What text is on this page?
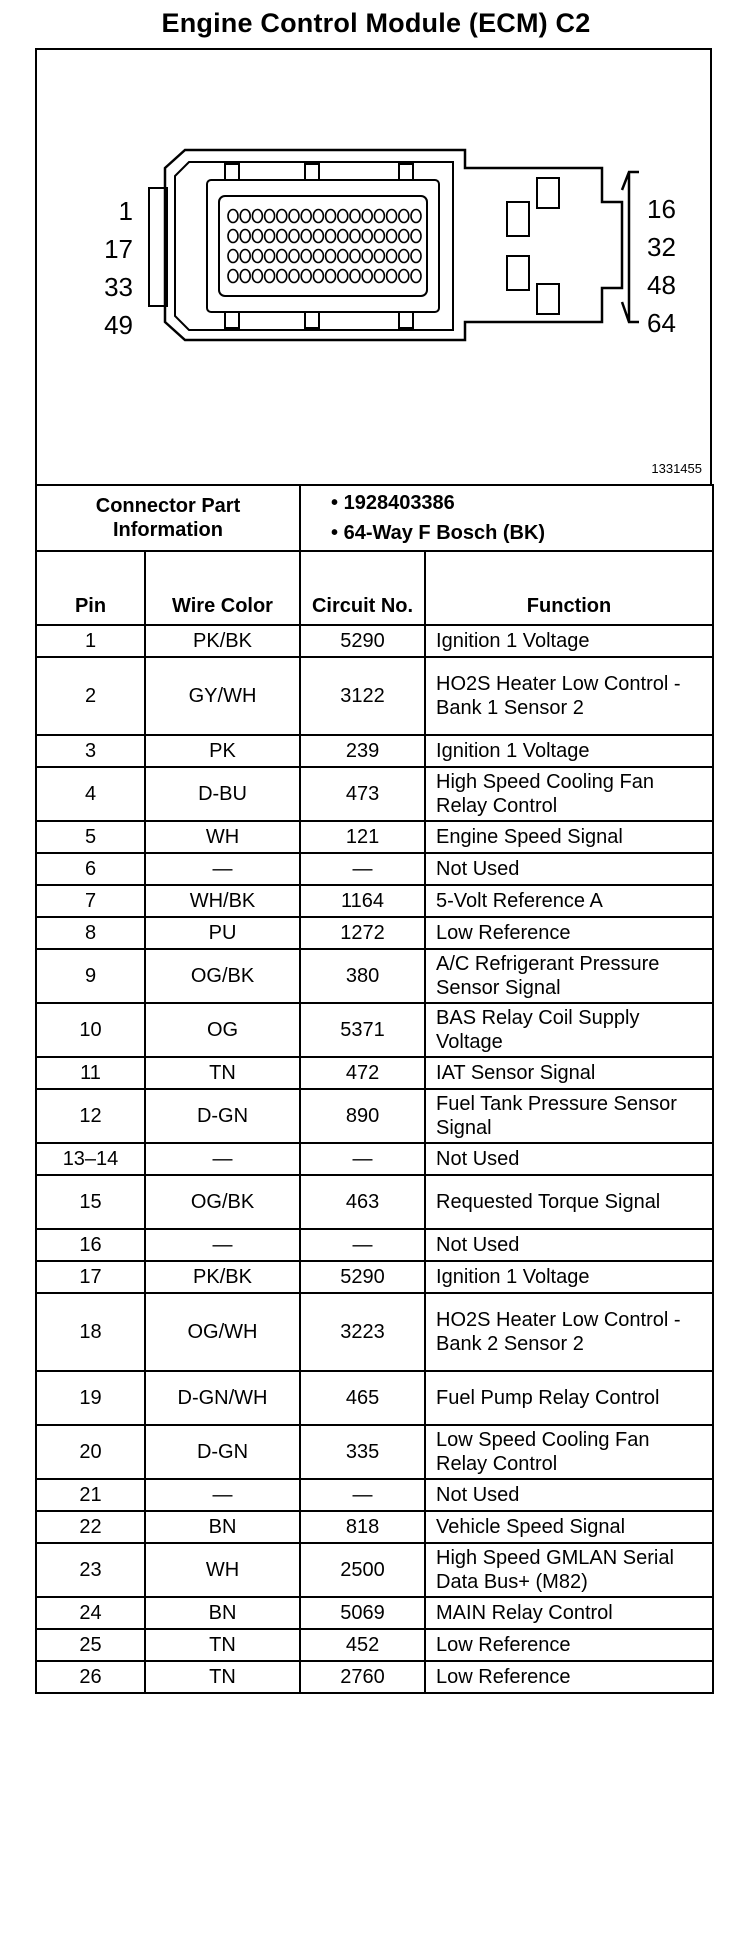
Engine Control Module (ECM) C2
1
17
33
49
16
32
48
64
1331455
Connector Part Information		• 1928403386
• 64-Way F Bosch (BK)	

Pin	Wire Color	Circuit No.	Function
1	PK/BK	5290	Ignition 1 Voltage
2	GY/WH	3122	HO2S Heater Low Control - Bank 1 Sensor 2
3	PK	239	Ignition 1 Voltage
4	D-BU	473	High Speed Cooling Fan Relay Control
5	WH	121	Engine Speed Signal
6	—	—	Not Used
7	WH/BK	1164	5-Volt Reference A
8	PU	1272	Low Reference
9	OG/BK	380	A/C Refrigerant Pressure Sensor Signal
10	OG	5371	BAS Relay Coil Supply Voltage
11	TN	472	IAT Sensor Signal
12	D-GN	890	Fuel Tank Pressure Sensor Signal
13–14	—	—	Not Used
15	OG/BK	463	Requested Torque Signal
16	—	—	Not Used
17	PK/BK	5290	Ignition 1 Voltage
18	OG/WH	3223	HO2S Heater Low Control - Bank 2 Sensor 2
19	D-GN/WH	465	Fuel Pump Relay Control
20	D-GN	335	Low Speed Cooling Fan Relay Control
21	—	—	Not Used
22	BN	818	Vehicle Speed Signal
23	WH	2500	High Speed GMLAN Serial Data Bus+ (M82)
24	BN	5069	MAIN Relay Control
25	TN	452	Low Reference
26	TN	2760	Low Reference
